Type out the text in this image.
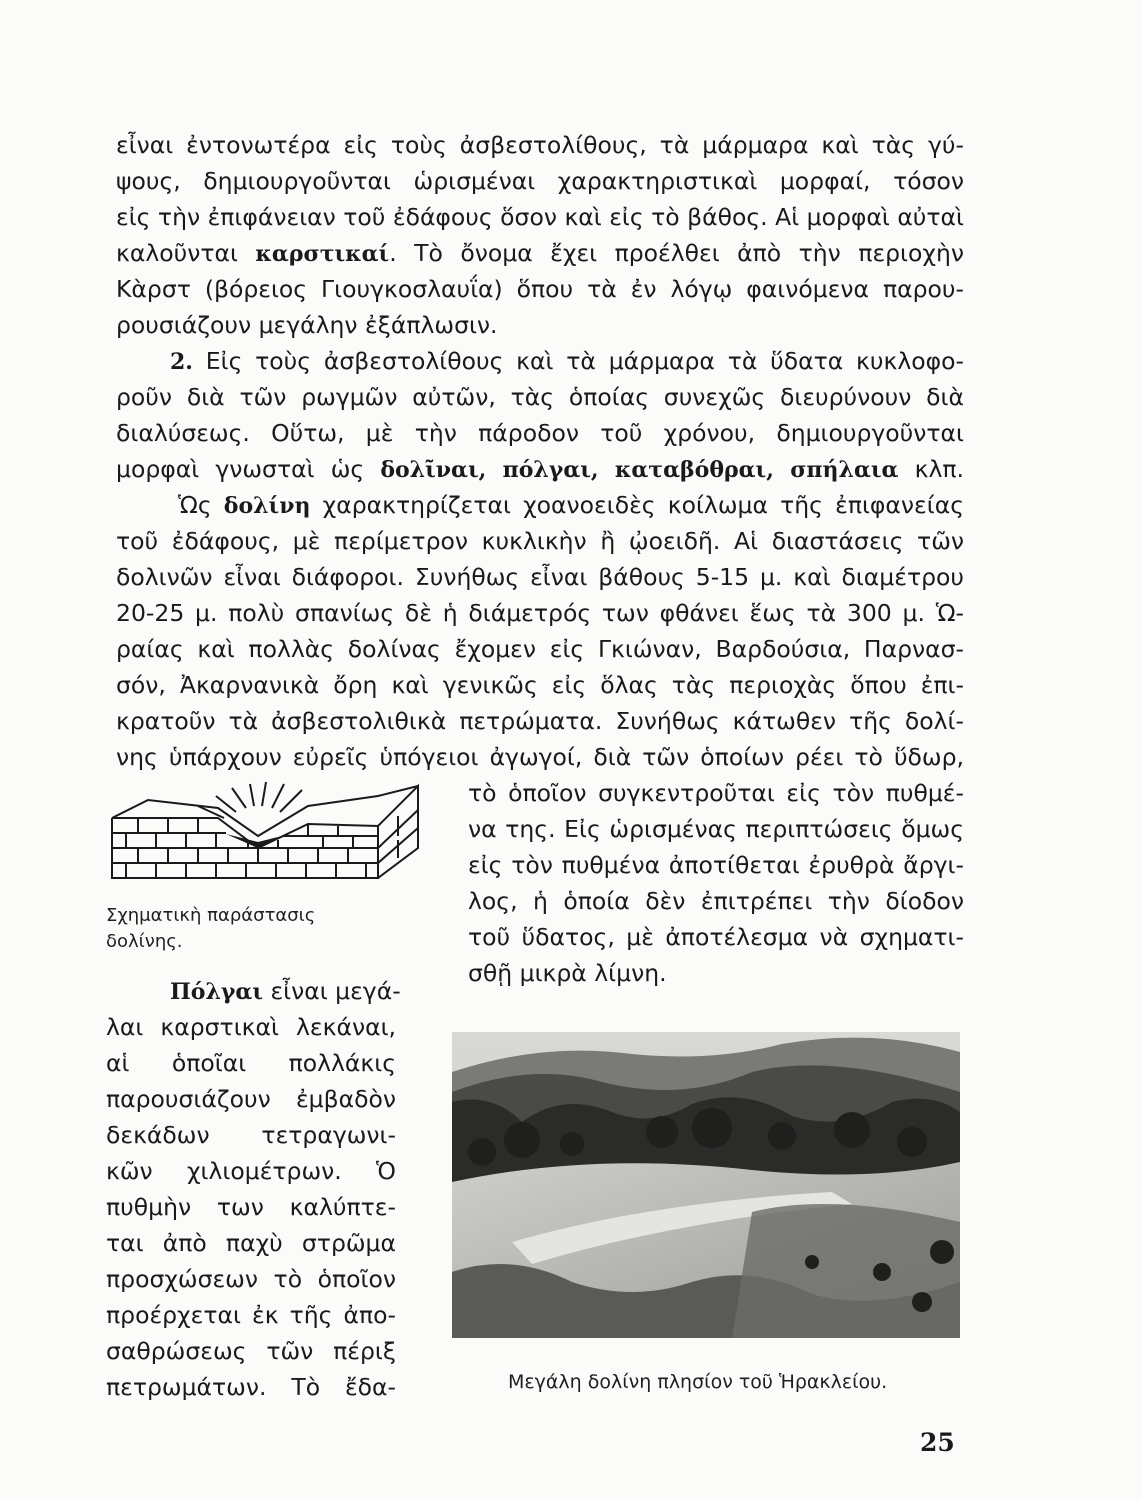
εἶναι ἐντονωτέρα εἰς τοὺς ἀσβεστολίθους, τὰ μάρμαρα καὶ τὰς γύ-
ψους, δημιουργοῦνται ὡρισμέναι χαρακτηριστικαὶ μορφαί, τόσον
εἰς τὴν ἐπιφάνειαν τοῦ ἐδάφους ὅσον καὶ εἰς τὸ βάθος. Αἱ μορφαὶ αὐταὶ
καλοῦνται καρστικαί. Τὸ ὄνομα ἔχει προέλθει ἀπὸ τὴν περιοχὴν
Κὰρστ (βόρειος Γιουγκοσλαυΐα) ὅπου τὰ ἐν λόγῳ φαινόμενα παρου-
ρουσιάζουν μεγάλην ἐξάπλωσιν.
2. Εἰς τοὺς ἀσβεστολίθους καὶ τὰ μάρμαρα τὰ ὕδατα κυκλοφο-
ροῦν διὰ τῶν ρωγμῶν αὐτῶν, τὰς ὁποίας συνεχῶς διευρύνουν διὰ
διαλύσεως. Οὕτω, μὲ τὴν πάροδον τοῦ χρόνου, δημιουργοῦνται
μορφαὶ γνωσταὶ ὡς δολῖναι, πόλγαι, καταβόθραι, σπήλαια κλπ.
Ὡς δολίνη χαρακτηρίζεται χοανοειδὲς κοίλωμα τῆς ἐπιφανείας
τοῦ ἐδάφους, μὲ περίμετρον κυκλικὴν ἢ ᾠοειδῆ. Αἱ διαστάσεις τῶν
δολινῶν εἶναι διάφοροι. Συνήθως εἶναι βάθους 5-15 μ. καὶ διαμέτρου
20-25 μ. πολὺ σπανίως δὲ ἡ διάμετρός των φθάνει ἕως τὰ 300 μ. Ὡ-
ραίας καὶ πολλὰς δολίνας ἔχομεν εἰς Γκιώναν, Βαρδούσια, Παρνασ-
σόν, Ἀκαρνανικὰ ὄρη καὶ γενικῶς εἰς ὅλας τὰς περιοχὰς ὅπου ἐπι-
κρατοῦν τὰ ἀσβεστολιθικὰ πετρώματα. Συνήθως κάτωθεν τῆς δολί-
νης ὑπάρχουν εὐρεῖς ὑπόγειοι ἀγωγοί, διὰ τῶν ὁποίων ρέει τὸ ὕδωρ,
τὸ ὁποῖον συγκεντροῦται εἰς τὸν πυθμέ-
να της. Εἰς ὡρισμένας περιπτώσεις ὅμως
εἰς τὸν πυθμένα ἀποτίθεται ἐρυθρὰ ἄργι-
λος, ἡ ὁποία δὲν ἐπιτρέπει τὴν δίοδον
τοῦ ὕδατος, μὲ ἀποτέλεσμα νὰ σχηματι-
σθῇ μικρὰ λίμνη.
Σχηματικὴ παράστασις
δολίνης.
Πόλγαι εἶναι μεγά-
λαι καρστικαὶ λεκάναι,
αἱ ὁποῖαι πολλάκις
παρουσιάζουν ἐμβαδὸν
δεκάδων τετραγωνι-
κῶν χιλιομέτρων. Ὁ
πυθμὴν των καλύπτε-
ται ἀπὸ παχὺ στρῶμα
προσχώσεων τὸ ὁποῖον
προέρχεται ἐκ τῆς ἀπο-
σαθρώσεως τῶν πέριξ
πετρωμάτων. Τὸ ἔδα-	Μεγάλη δολίνη πλησίον τοῦ Ἡρακλείου.
25
